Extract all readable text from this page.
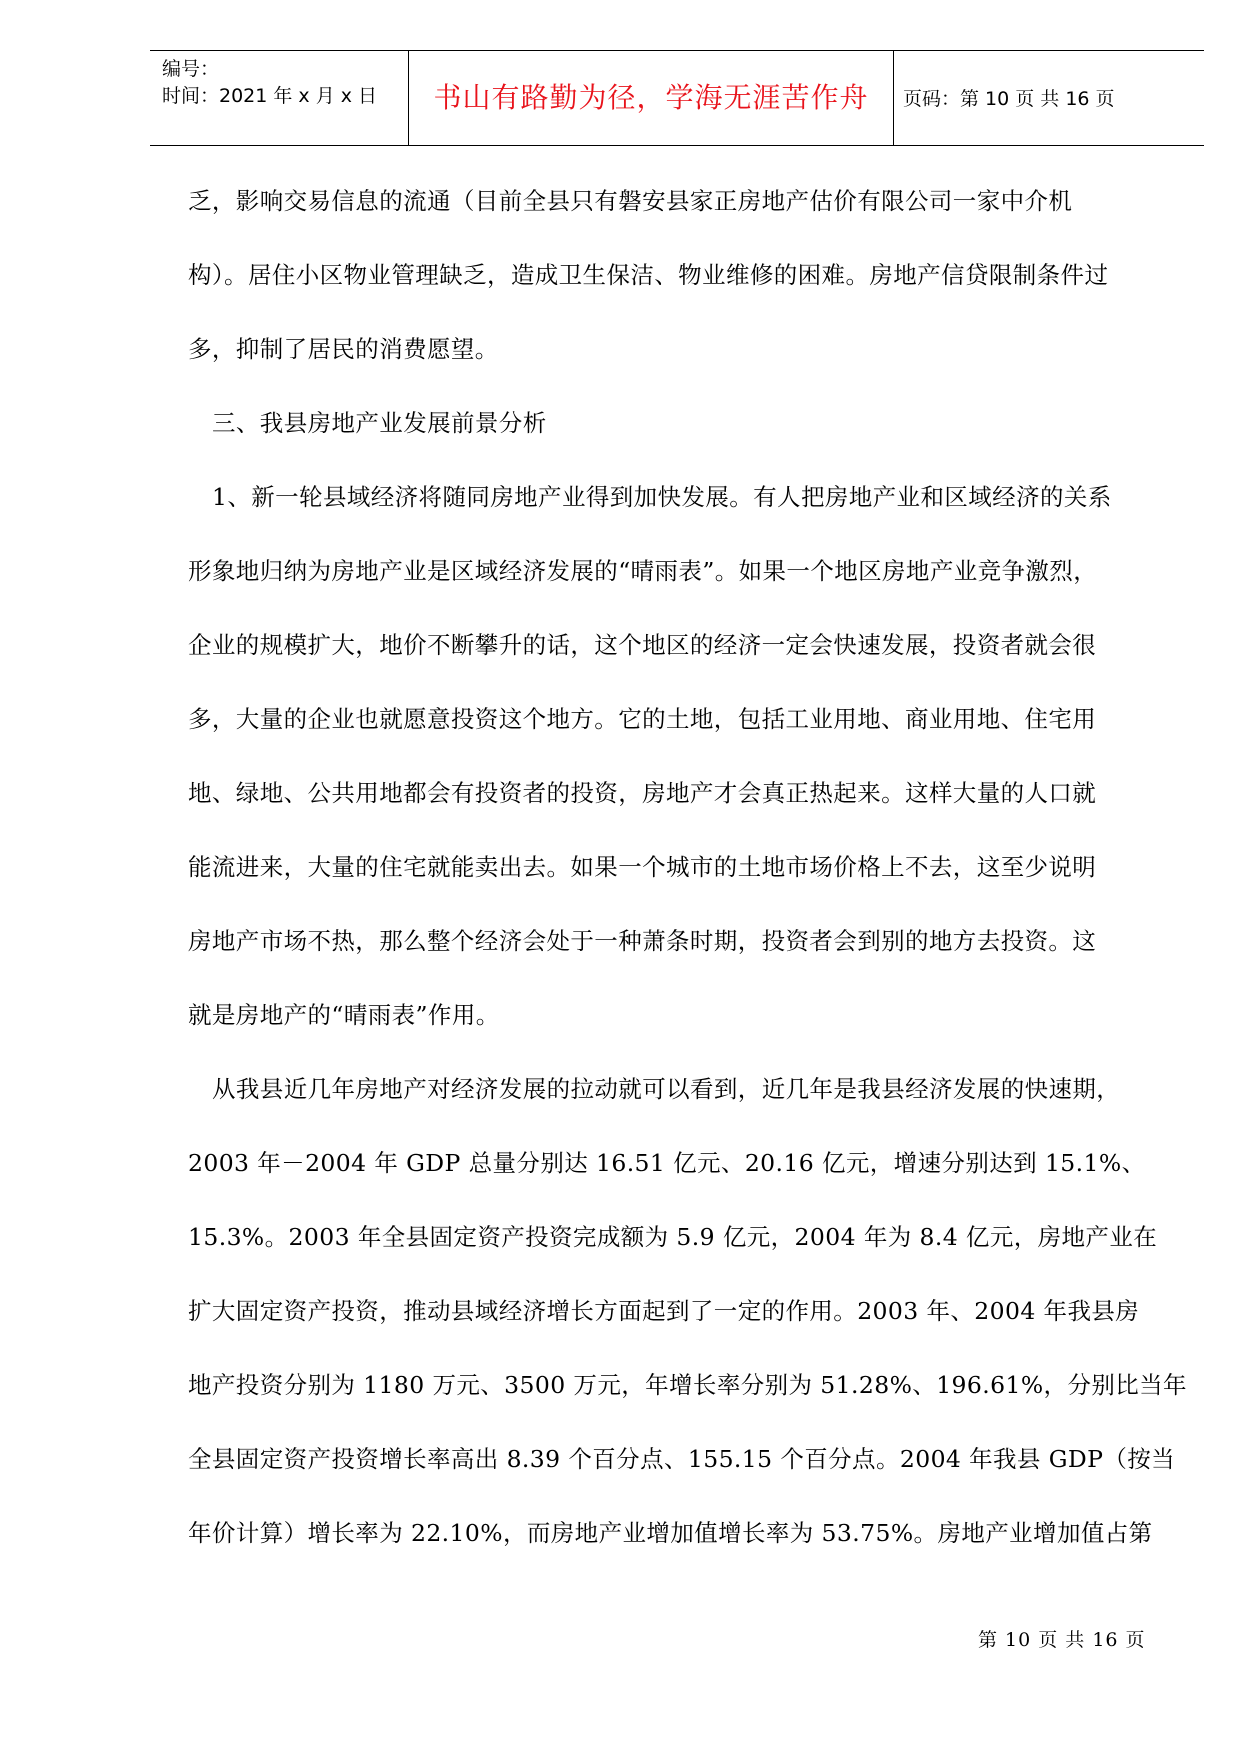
编号：
时间：2021 年 x 月 x 日	书山有路勤为径，学海无涯苦作舟	页码：第 10 页 共 16 页
乏，影响交易信息的流通（目前全县只有磐安县家正房地产估价有限公司一家中介机
构）。居住小区物业管理缺乏，造成卫生保洁、物业维修的困难。房地产信贷限制条件过
多，抑制了居民的消费愿望。
三、我县房地产业发展前景分析
1、新一轮县域经济将随同房地产业得到加快发展。有人把房地产业和区域经济的关系
形象地归纳为房地产业是区域经济发展的“晴雨表”。如果一个地区房地产业竞争激烈，
企业的规模扩大，地价不断攀升的话，这个地区的经济一定会快速发展，投资者就会很
多，大量的企业也就愿意投资这个地方。它的土地，包括工业用地、商业用地、住宅用
地、绿地、公共用地都会有投资者的投资，房地产才会真正热起来。这样大量的人口就
能流进来，大量的住宅就能卖出去。如果一个城市的土地市场价格上不去，这至少说明
房地产市场不热，那么整个经济会处于一种萧条时期，投资者会到别的地方去投资。这
就是房地产的“晴雨表”作用。
从我县近几年房地产对经济发展的拉动就可以看到，近几年是我县经济发展的快速期，
2003 年－2004 年 GDP 总量分别达 16.51 亿元、20.16 亿元，增速分别达到 15.1%、
15.3%。2003 年全县固定资产投资完成额为 5.9 亿元，2004 年为 8.4 亿元，房地产业在
扩大固定资产投资，推动县域经济增长方面起到了一定的作用。2003 年、2004 年我县房
地产投资分别为 1180 万元、3500 万元，年增长率分别为 51.28%、196.61%，分别比当年
全县固定资产投资增长率高出 8.39 个百分点、155.15 个百分点。2004 年我县 GDP（按当
年价计算）增长率为 22.10%，而房地产业增加值增长率为 53.75%。房地产业增加值占第
第 10 页 共 16 页
